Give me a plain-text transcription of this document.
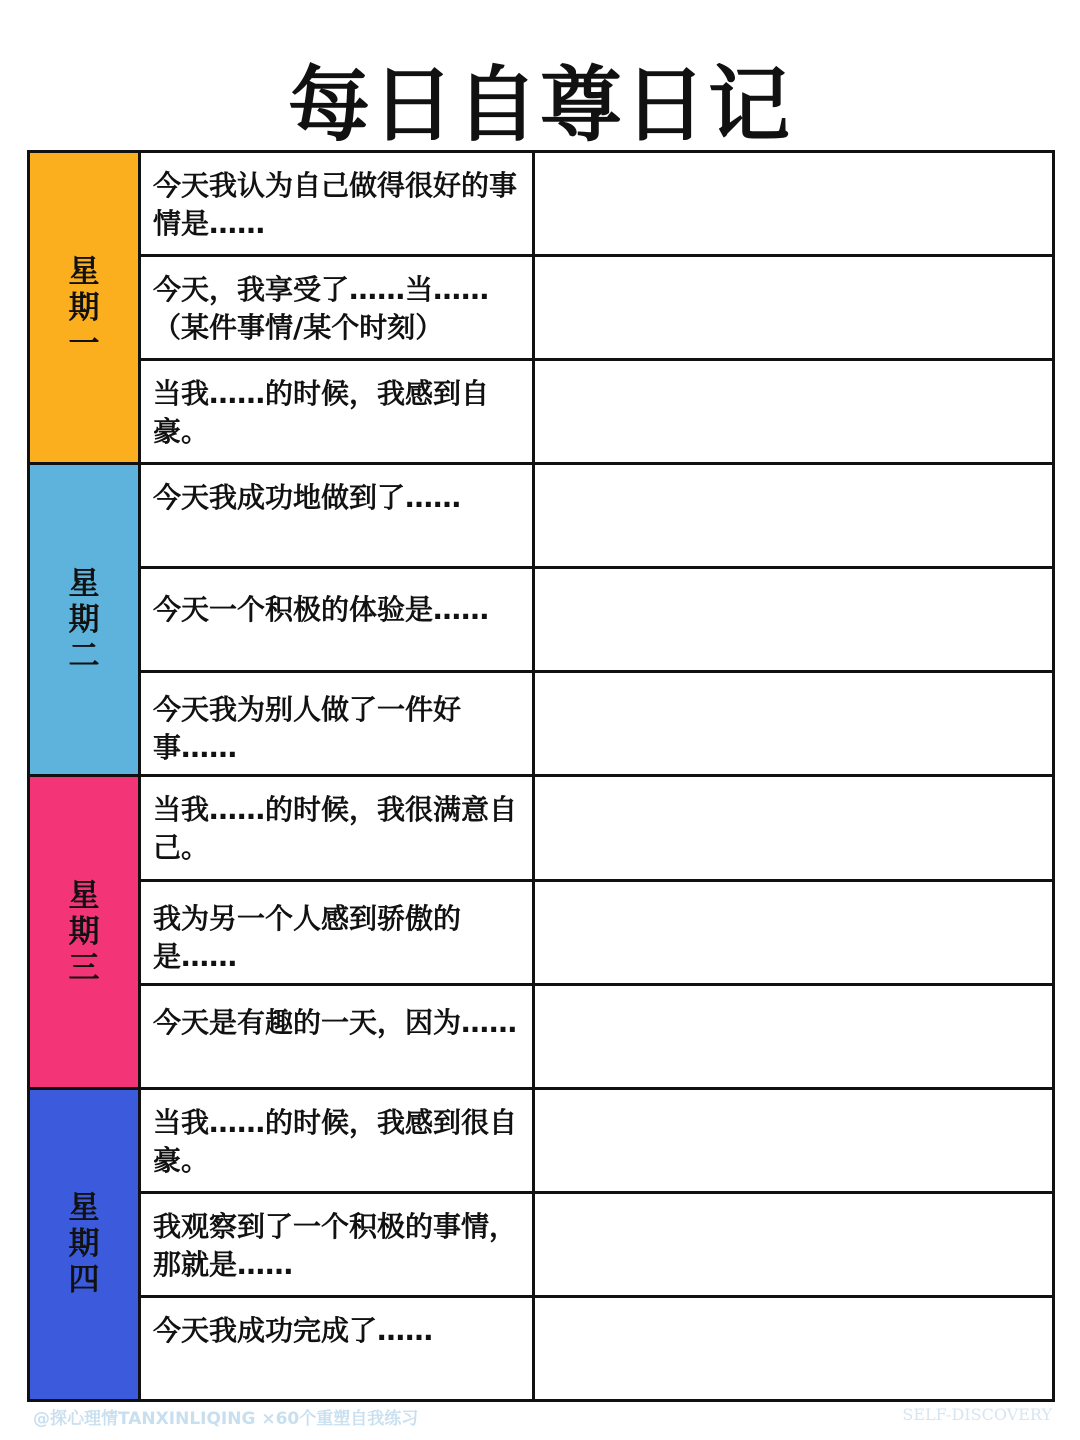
每日自尊日记
星期一	今天我认为自己做得很好的事情是……	

	今天，我享受了……当……（某件事情/某个时刻）	

	当我……的时候，我感到自豪。	

星期二	今天我成功地做到了……	

	今天一个积极的体验是……	

	今天我为别人做了一件好事……	

星期三	当我……的时候，我很满意自己。	

	我为另一个人感到骄傲的是……	

	今天是有趣的一天，因为……	

星期四	当我……的时候，我感到很自豪。	

	我观察到了一个积极的事情，那就是……	

	今天我成功完成了……	

@探心理情TANXINLIQING ×60个重塑自我练习	SELF-DISCOVERY
